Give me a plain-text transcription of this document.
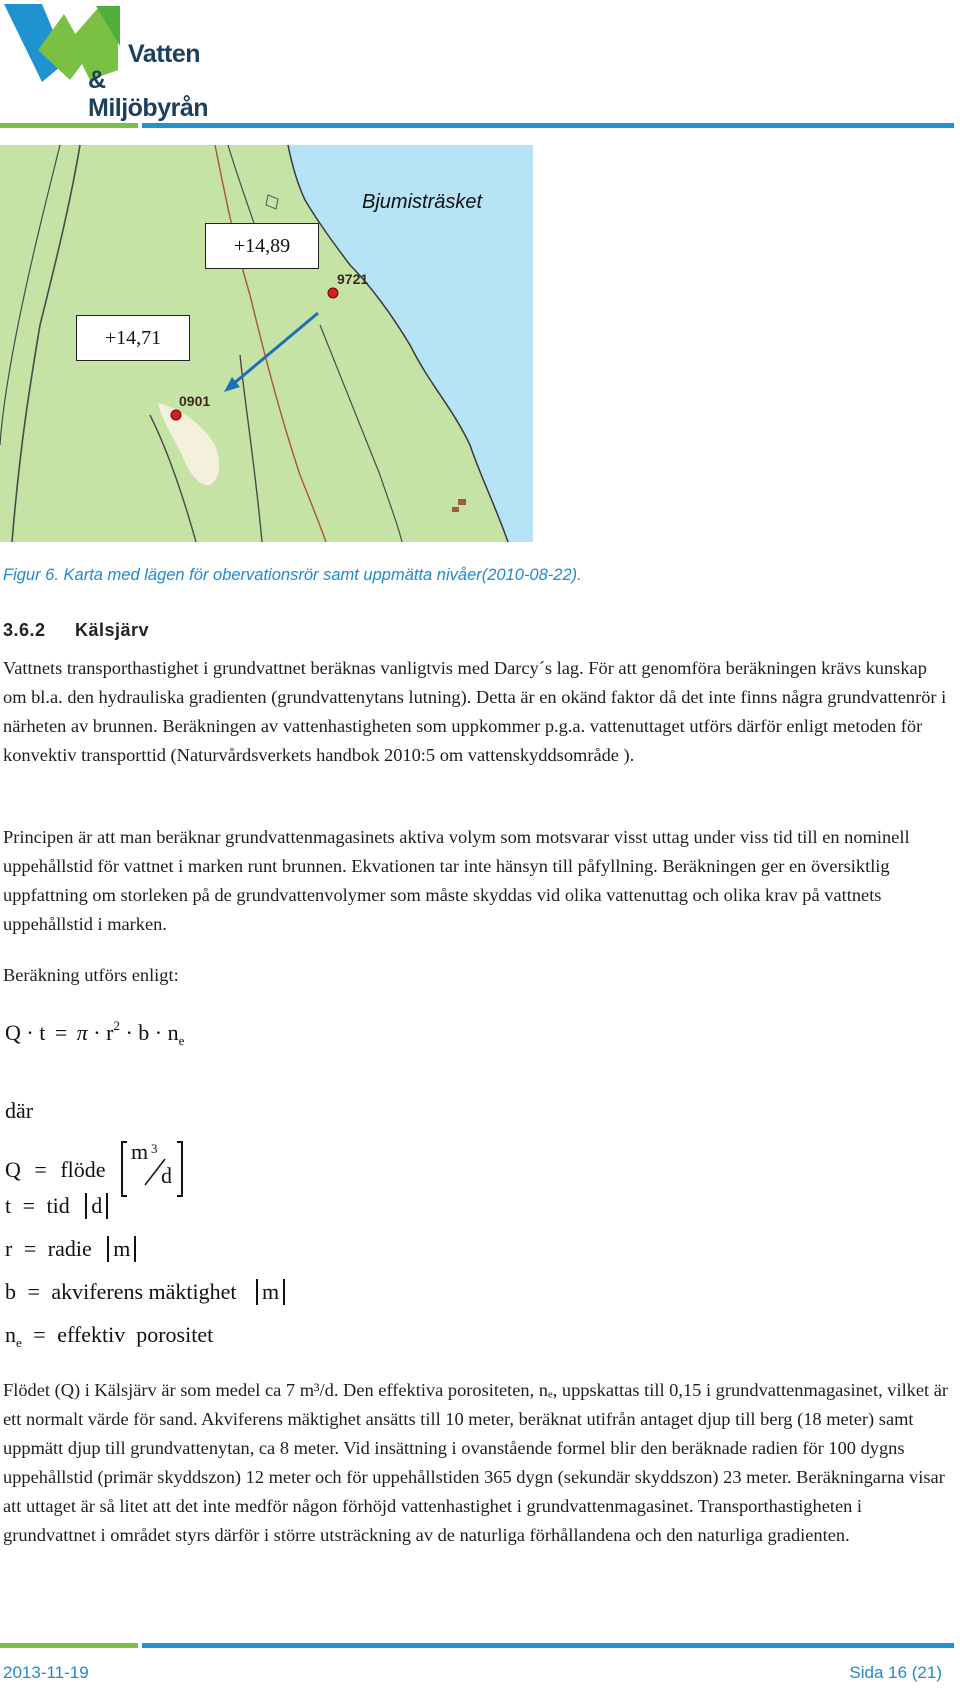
Vatten
& Miljöbyrån
Bjumisträsket
+14,89
+14,71
9721
0901
Figur 6. Karta med lägen för obervationsrör samt uppmätta nivåer(2010-08-22).
3.6.2 Kälsjärv

Vattnets transporthastighet i grundvattnet beräknas vanligtvis med Darcy´s lag. För att genomföra beräkningen krävs kunskap om bl.a. den hydrauliska gradienten (grundvattenytans lutning). Detta är en okänd faktor då det inte finns några grundvattenrör i närheten av brunnen. Beräkningen av vattenhastigheten som uppkommer p.g.a. vattenuttaget utförs därför enligt metoden för konvektiv transporttid (Naturvårdsverkets handbok 2010:5 om vattenskyddsområde ).

Principen är att man beräknar grundvattenmagasinets aktiva volym som motsvarar visst uttag under viss tid till en nominell uppehållstid för vattnet i marken runt brunnen. Ekvationen tar inte hänsyn till påfyllning. Beräkningen ger en översiktlig uppfattning om storleken på de grundvattenvolymer som måste skyddas vid olika vattenuttag och olika krav på vattnets uppehållstid i marken.

Beräkning utförs enligt:

$Q \cdot t = \pi \cdot r^2 \cdot b \cdot n_e$
där
Q = flöde
m 3
d
t = tid d
r = radie m
b = akviferens mäktighet m
$n_e$ = effektiv  porositet

Flödet (Q) i Kälsjärv är som medel ca 7 m³/d. Den effektiva porositeten, nₑ, uppskattas till 0,15 i grundvattenmagasinet, vilket är ett normalt värde för sand. Akviferens mäktighet ansätts till 10 meter, beräknat utifrån antaget djup till berg (18 meter) samt uppmätt djup till grundvattenytan, ca 8 meter. Vid insättning i ovanstående formel blir den beräknade radien för 100 dygns uppehållstid (primär skyddszon) 12 meter och för uppehållstiden 365 dygn (sekundär skyddszon) 23 meter. Beräkningarna visar att uttaget är så litet att det inte medför någon förhöjd vattenhastighet i grundvattenmagasinet. Transporthastigheten i grundvattnet i området styrs därför i större utsträckning av de naturliga förhållandena och den naturliga gradienten.

2013-11-19	Sida 16 (21)
